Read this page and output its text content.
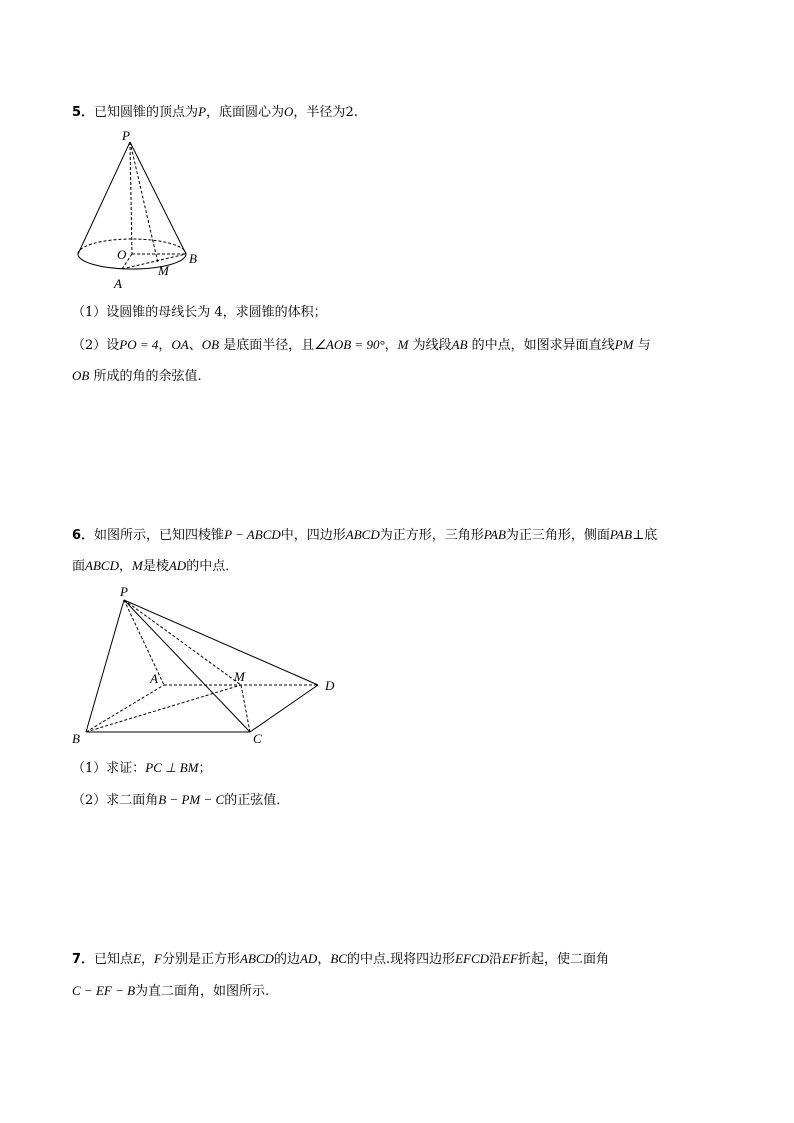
5．已知圆锥的顶点为P，底面圆心为O，半径为2.
P
O
M
B
A
（1）设圆锥的母线长为 4，求圆锥的体积；
（2）设PO = 4，OA、OB 是底面半径，且∠AOB = 90°，M 为线段AB 的中点，如图求异面直线PM 与
OB 所成的角的余弦值.
6．如图所示，已知四棱锥P − ABCD中，四边形ABCD为正方形，三角形PAB为正三角形，侧面PAB⊥底
面ABCD，M是棱AD的中点．
P
A	M
D
B	C
（1）求证：PC ⊥ BM；
（2）求二面角B − PM − C的正弦值．
7．已知点E，F分别是正方形ABCD的边AD，BC的中点.现将四边形EFCD沿EF折起，使二面角
C − EF − B为直二面角，如图所示.
